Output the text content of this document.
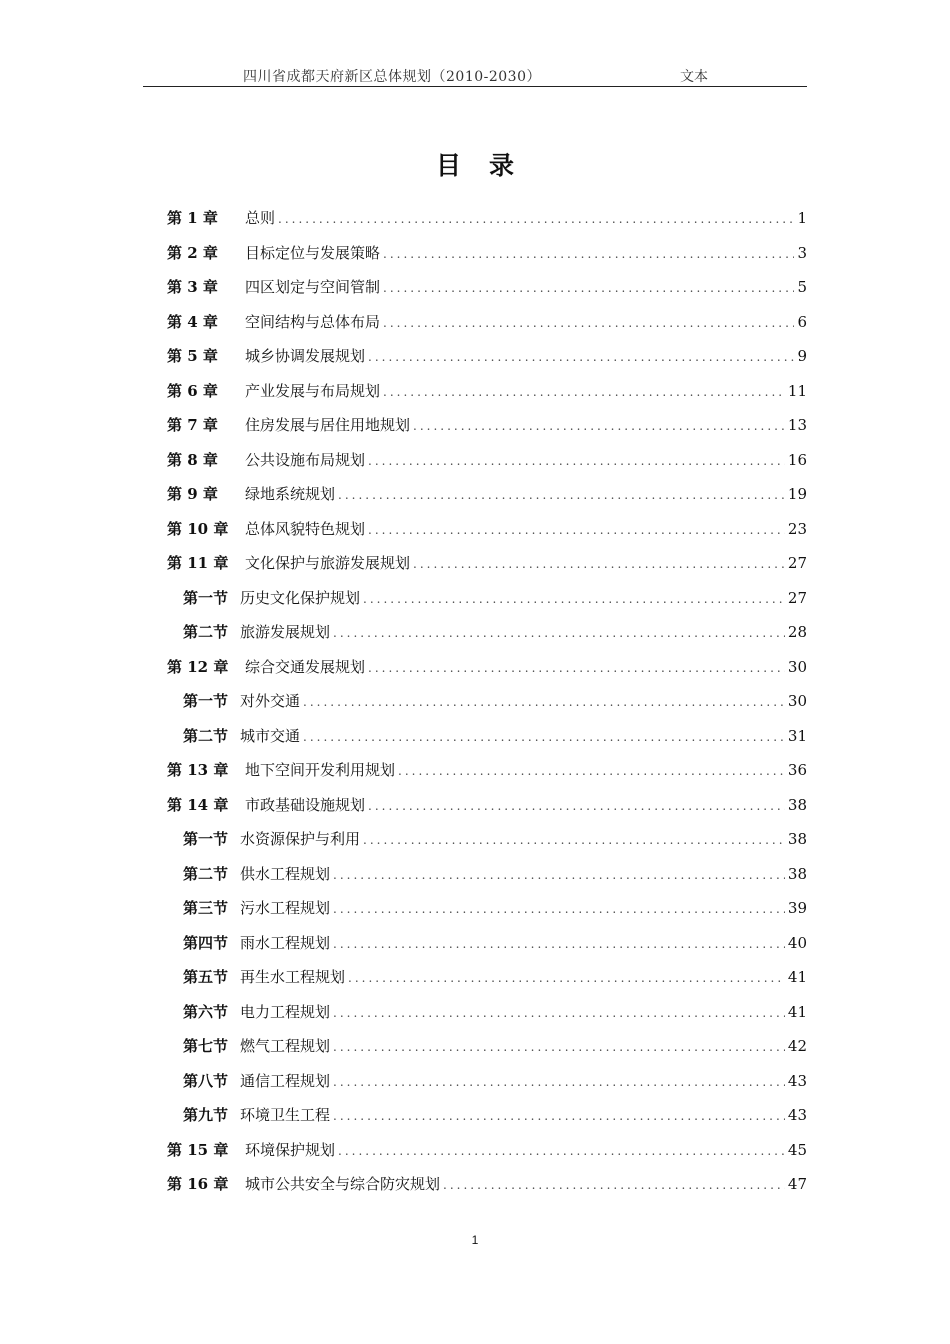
四川省成都天府新区总体规划（2010-2030）	文本
目录
第 1 章	总则 .....	1
第 2 章	目标定位与发展策略 .....	3
第 3 章	四区划定与空间管制 .....	5
第 4 章	空间结构与总体布局 .....	6
第 5 章	城乡协调发展规划 .....	9
第 6 章	产业发展与布局规划 .....	11
第 7 章	住房发展与居住用地规划 .....	13
第 8 章	公共设施布局规划 .....	16
第 9 章	绿地系统规划 .....	19
第 10 章	总体风貌特色规划 .....	23
第 11 章	文化保护与旅游发展规划 .....	27
第一节 历史文化保护规划 .....	27
第二节 旅游发展规划 .....	28
第 12 章	综合交通发展规划 .....	30
第一节 对外交通 .....	30
第二节 城市交通 .....	31
第 13 章	地下空间开发利用规划 .....	36
第 14 章	市政基础设施规划 .....	38
第一节 水资源保护与利用 .....	38
第二节 供水工程规划 .....	38
第三节 污水工程规划 .....	39
第四节 雨水工程规划 .....	40
第五节 再生水工程规划 .....	41
第六节 电力工程规划 .....	41
第七节 燃气工程规划 .....	42
第八节 通信工程规划 .....	43
第九节 环境卫生工程 .....	43
第 15 章	环境保护规划 .....	45
第 16 章	城市公共安全与综合防灾规划 .....	47
1
